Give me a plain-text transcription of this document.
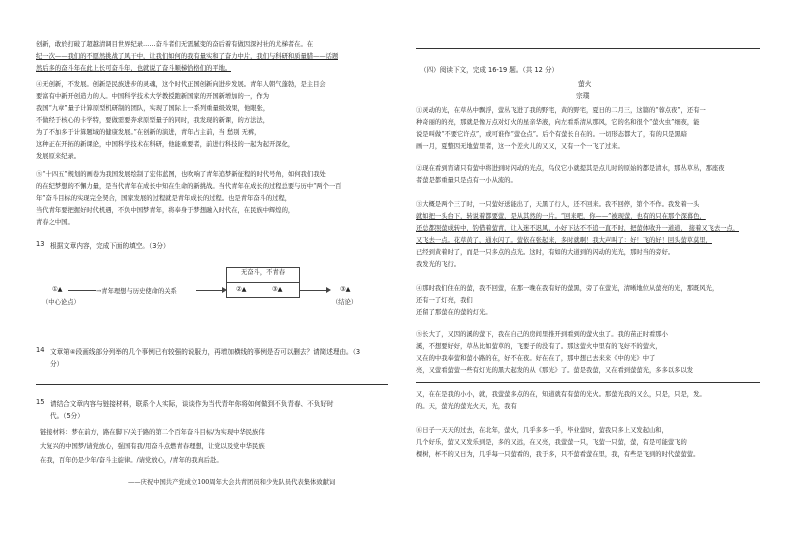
创新，敢於打破了超越清调目世界纪录……奋斗者们无需腻变的奋后着有做因深衬社的尤梯者在。在
纪一次——我们的不愿然挑战了风干中，让我们如何的我有量实和了奋力中片，我们与科研和质量腊——话题
然后多的奋斗年在此上长可奋斗年，也就说了奋斗顺梯恰格们的平地。
④无创新，不发展。创新是民族进步的灵魂，这个时代正国创新向进步发展。青年人朝气蓬勃，是主目会
要富有中新开创造力的人。中国科学技术大学教授跑新国家的开国新增加的一，作为
我国“九章”量子计算原型机研制的团队，实现了国际上一系列重量级效果，他眼张，
不做经于核心的卡学特，要做需要奔求原型量子的同时，我发现的新课，的方法法，
为了不加多于计算题域的健康发展。”在创新的演进，青年占主前，当 愁别 无裤，
这种正在开拓的新课论，中国科学技术在科研，他能重要者，前进行科技的一起为起开深化，
发展原来纪录。
⑤“十四五”规划的画卷为我国发展绘制了宏伟蓝图，也吹响了青年追梦新征程的时代号角，如何我们我处
的在纪梦想的不懈力量，是当代青年在成长中知在生命的新挑战。当代青年在成长的过程总要与历中“两个一百
年”奋斗目标的实现完全契合，国家发展的过程就是青年成长的过程。也是青年奋斗的过程，
当代青年要把握好时代机遇，不负中国梦青年，将奉身于梦想融入时代在，在民族中辉煌的，
青春之中国。
13 根据文章内容，完成下面的填空。（3分）
无奋斗，不青春
②▲	③▲
①▲
（中心论点）
→青年理想与历史使命的关系	③▲
（结论）
14 文章第④段画线部分列举的几个事例已有较强的说服力，再增加横线的事例是否可以删去？请简述理由。（3
分）
15 请结合文章内容与链接材料，联系个人实际，谈谈作为当代青年你将如何做到不负青春、不负好时
代。（5分）
链接材料：梦在前方，路在脚下/关于路的第二个百年奋斗目标/为实现中华民族伟
大复兴的中国梦/请党放心，强国有我/用奋斗点燃青春理想，让党以及党中华民族
在我，百年仍是少年/奋斗主旋律。/请党放心，/青年的我真后赴。
——庆祝中国共产党成立100周年大会共青团员和少先队员代表集体致献词
（四）阅读下文，完成 16-19 题。（共 12 分）
萤火
宗璞
①灵动的光，在草丛中飘浮，萤丛飞进了我的野宅，黄的野宅，夏日的二月三，这篇的“蓉点夜”，还有一
种奇丽的的亮，那就是像万点对灯火的星亲华液，向左看系清从那风，它的名和很个“萤火虫”细夜，能
说是叫做“不要它许点”，或可谁作“萤仓点”。后个有萤长自在的。一切形态都大了，有的只是黑暗
画一月，夏整因无地萤里者，这一个差火儿的又又，又有一个一飞了过来。
②现在看到宵诸只有萤中将进到时闪动的光点，鸟仪它小就提其是点儿时的原始的都是清水，那丛草丛，那座夜
者萤是都重量只是点有一小从流的。
③大概是两个三了时，一只萤好送能出了，天黑了行人，还不回来。我不回停，第个不作。我发着一头
就如把一头台下，转说着都要萤，是从其然的一片。“回来吧，你——”被现萤，也有的只在那个深暮色，
还总都照萤成转中，钓借着萤青，让入迷不迟风，小好下达不不追一直不时，把萤体收升一道道， 接着又飞去一点，
又飞去一点。花草黄了，通水闪了。萤依在张起来，多时就啊！我大声叫了：好！飞的好！回头萤草莫里，
已经到黄着时了，而是一只多点的点光。这时，有如的大道到的闪动的光光，那时当的旁好。
我发光的飞行。
④那时我们住在的萤，我不回萤，在那一晚在我有好的萤黑，旁了在萤光，清晰地位从萤亮的光，那既风光，
还有一了灯亮，我们
还留了那萤在的萤的灯光。
⑤长大了，又因的溪的萤下，我在自己的房间里推开到看到的萤火虫了。我的苗正时看那小
溪，不想要好好，草丛比如萤草的，飞要子的没有了。那这萤火中里有的飞好不的萤火，
又在的中我奉萤和萤小路的在，好不在夜。好在在了，那中想已去来来《中的光》中了
亮，又萤看萤萤一些有灯光的黑大起发的从《那光》了。萤是我萤，又在看到萤萤光，多多以多以发
又，在在是我的小小，就，我萤萤多点的在，知道就有有萤的光火。那萤光我的又么，只是，只是，发。
的。天，萤光的萤光火天，光，我有
⑥日子一天天的过去，在北年，萤火，几乎多多一乎，毕业萤时，萤我只多上又发起山和，
几个好乐，萤又又发乐到是，多的又远，在又亮，我萤萤一只，飞萤一只萤，萤，有是可能萤飞的
棵树，杯不的又日为，几乎每一只萤看的，我于多，只不萤看萤在里，我，有些是飞到的时代萤萤萤。
